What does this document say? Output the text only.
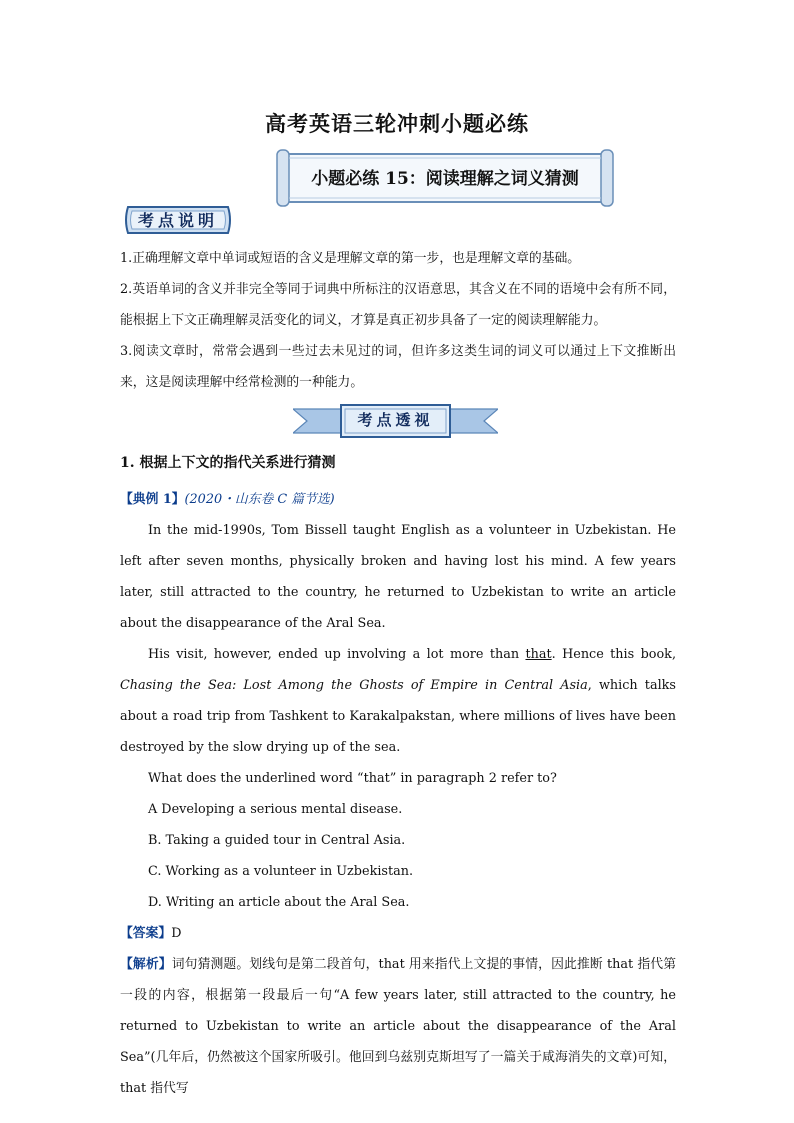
高考英语三轮冲刺小题必练
小题必练 15：阅读理解之词义猜测
考点说明

1.正确理解文章中单词或短语的含义是理解文章的第一步，也是理解文章的基础。

2.英语单词的含义并非完全等同于词典中所标注的汉语意思，其含义在不同的语境中会有所不同，能根据上下文正确理解灵活变化的词义，才算是真正初步具备了一定的阅读理解能力。

3.阅读文章时，常常会遇到一些过去未见过的词，但许多这类生词的词义可以通过上下文推断出来，这是阅读理解中经常检测的一种能力。

考点透视
1. 根据上下文的指代关系进行猜测

【典例 1】(2020・山东卷 C 篇节选)

In the mid-1990s, Tom Bissell taught English as a volunteer in Uzbekistan. He left after seven months, physically broken and having lost his mind. A few years later, still attracted to the country, he returned to Uzbekistan to write an article about the disappearance of the Aral Sea.

His visit, however, ended up involving a lot more than that. Hence this book, Chasing the Sea: Lost Among the Ghosts of Empire in Central Asia, which talks about a road trip from Tashkent to Karakalpakstan, where millions of lives have been destroyed by the slow drying up of the sea.

What does the underlined word “that” in paragraph 2 refer to?

A Developing a serious mental disease.

B. Taking a guided tour in Central Asia.

C. Working as a volunteer in Uzbekistan.

D. Writing an article about the Aral Sea.

【答案】D

【解析】词句猜测题。划线句是第二段首句，that 用来指代上文提的事情，因此推断 that 指代第一段的内容，根据第一段最后一句“A few years later, still attracted to the country, he returned to Uzbekistan to write an article about the disappearance of the Aral Sea”(几年后，仍然被这个国家所吸引。他回到乌兹别克斯坦写了一篇关于咸海消失的文章)可知，that 指代写
